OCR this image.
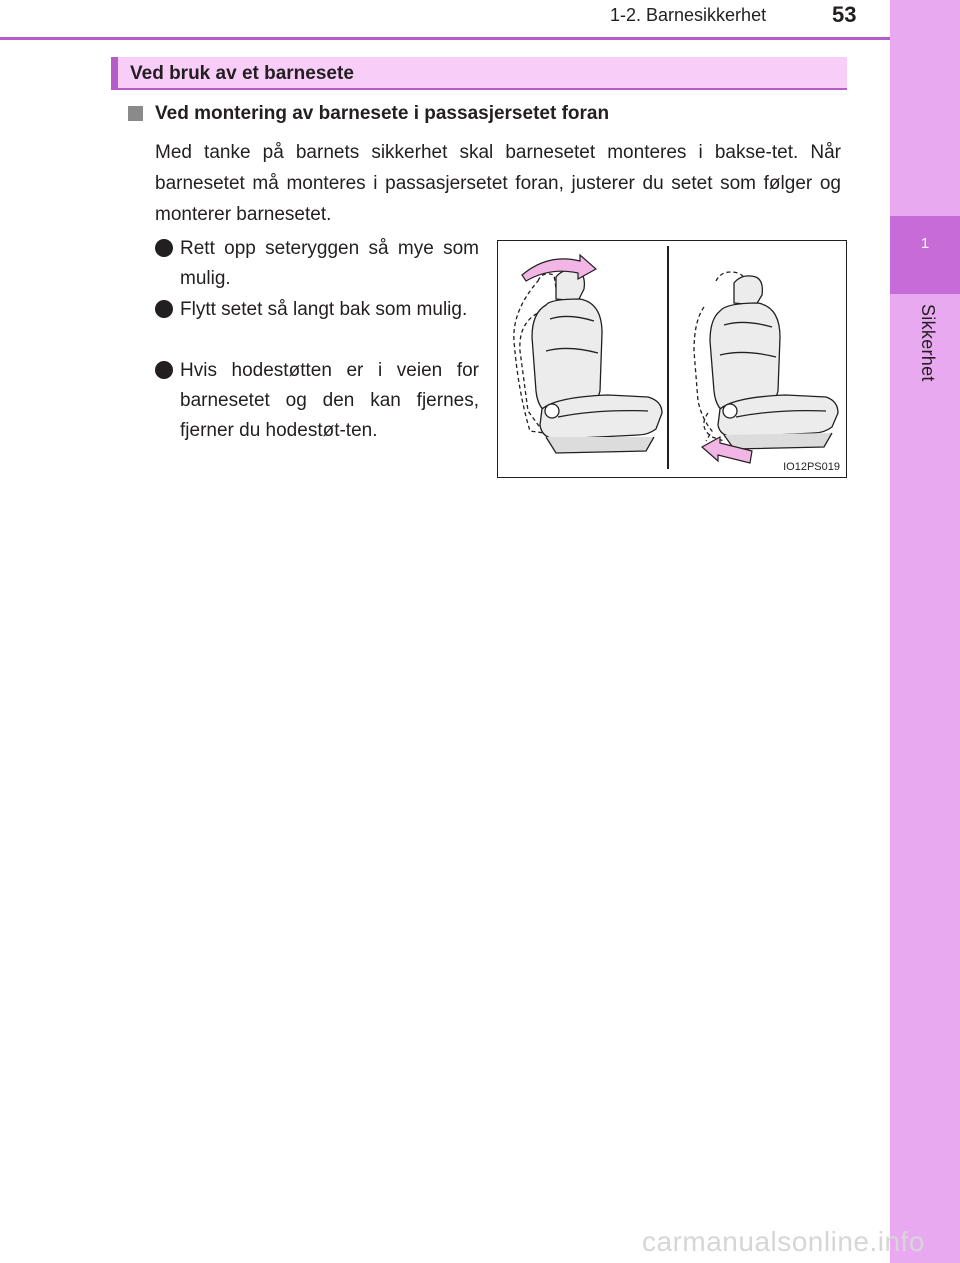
1
Sikkerhet
1-2. Barnesikkerhet	53
Ved bruk av et barnesete
Ved montering av barnesete i passasjersetet foran

Med tanke på barnets sikkerhet skal barnesetet monteres i bakse-tet. Når barnesetet må monteres i passasjersetet foran, justerer du setet som følger og monterer barnesetet.

Rett opp seteryggen så mye som mulig.
Flytt setet så langt bak som mulig.
Hvis hodestøtten er i veien for barnesetet og den kan fjernes, fjerner du hodestøt-ten.
IO12PS019
carmanualsonline.info
